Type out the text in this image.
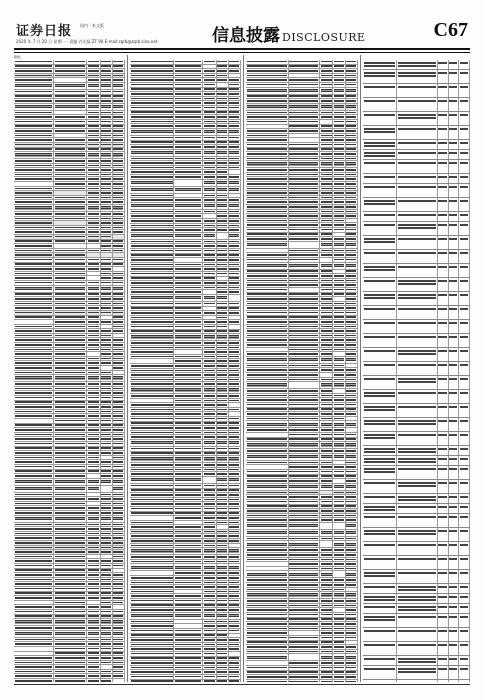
证券日报 国内 · 本文版
2020 年 7 月 20 日 星期一 · 责编 许光磊 ZT 90 E-mail:zqrb@zqrb.sina.net	信息披露 DISCLOSURE	C67
附表：
